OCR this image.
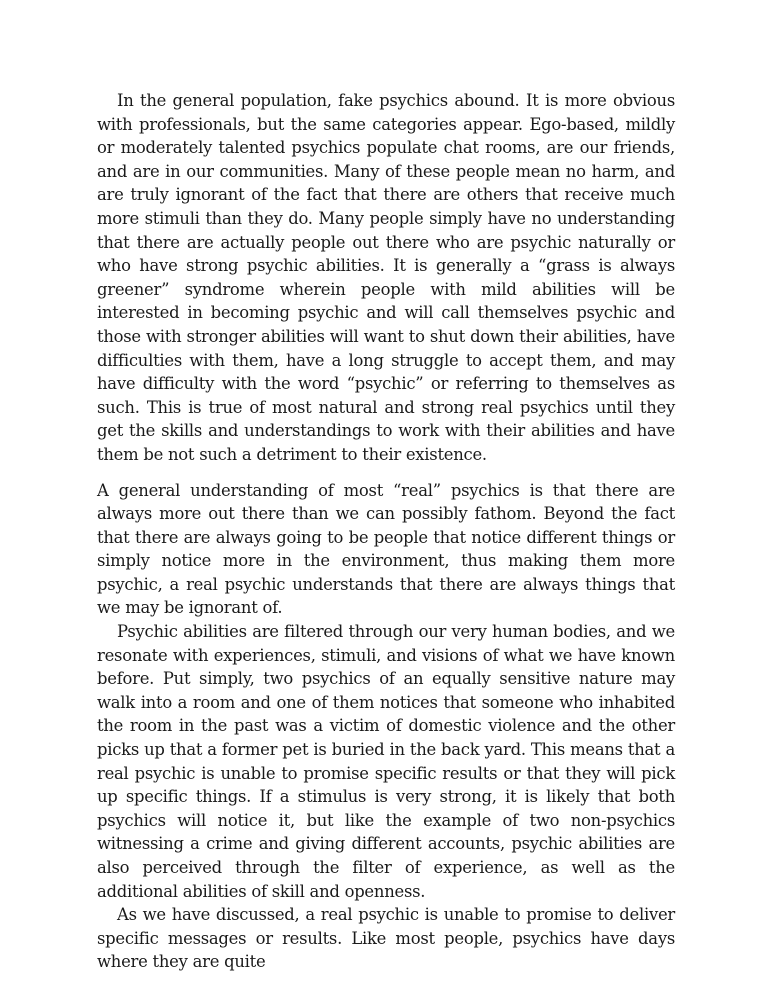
In the general population, fake psychics abound. It is more obvious with professionals, but the same categories appear. Ego-based, mildly or moderately talented psychics populate chat rooms, are our friends, and are in our communities. Many of these people mean no harm, and are truly ignorant of the fact that there are others that receive much more stimuli than they do. Many people simply have no understanding that there are actually people out there who are psychic naturally or who have strong psychic abilities. It is generally a “grass is always greener” syndrome wherein people with mild abilities will be interested in becoming psychic and will call themselves psychic and those with stronger abilities will want to shut down their abilities, have difficulties with them, have a long struggle to accept them, and may have difficulty with the word “psychic” or referring to themselves as such. This is true of most natural and strong real psychics until they get the skills and understandings to work with their abilities and have them be not such a detriment to their existence.

A general understanding of most “real” psychics is that there are always more out there than we can possibly fathom. Beyond the fact that there are always going to be people that notice different things or simply notice more in the environment, thus making them more psychic, a real psychic understands that there are always things that we may be ignorant of.

Psychic abilities are filtered through our very human bodies, and we resonate with experiences, stimuli, and visions of what we have known before. Put simply, two psychics of an equally sensitive nature may walk into a room and one of them notices that someone who inhabited the room in the past was a victim of domestic violence and the other picks up that a former pet is buried in the back yard. This means that a real psychic is unable to promise specific results or that they will pick up specific things. If a stimulus is very strong, it is likely that both psychics will notice it, but like the example of two non-psychics witnessing a crime and giving different accounts, psychic abilities are also perceived through the filter of experience, as well as the additional abilities of skill and openness.

As we have discussed, a real psychic is unable to promise to deliver specific messages or results. Like most people, psychics have days where they are quite
